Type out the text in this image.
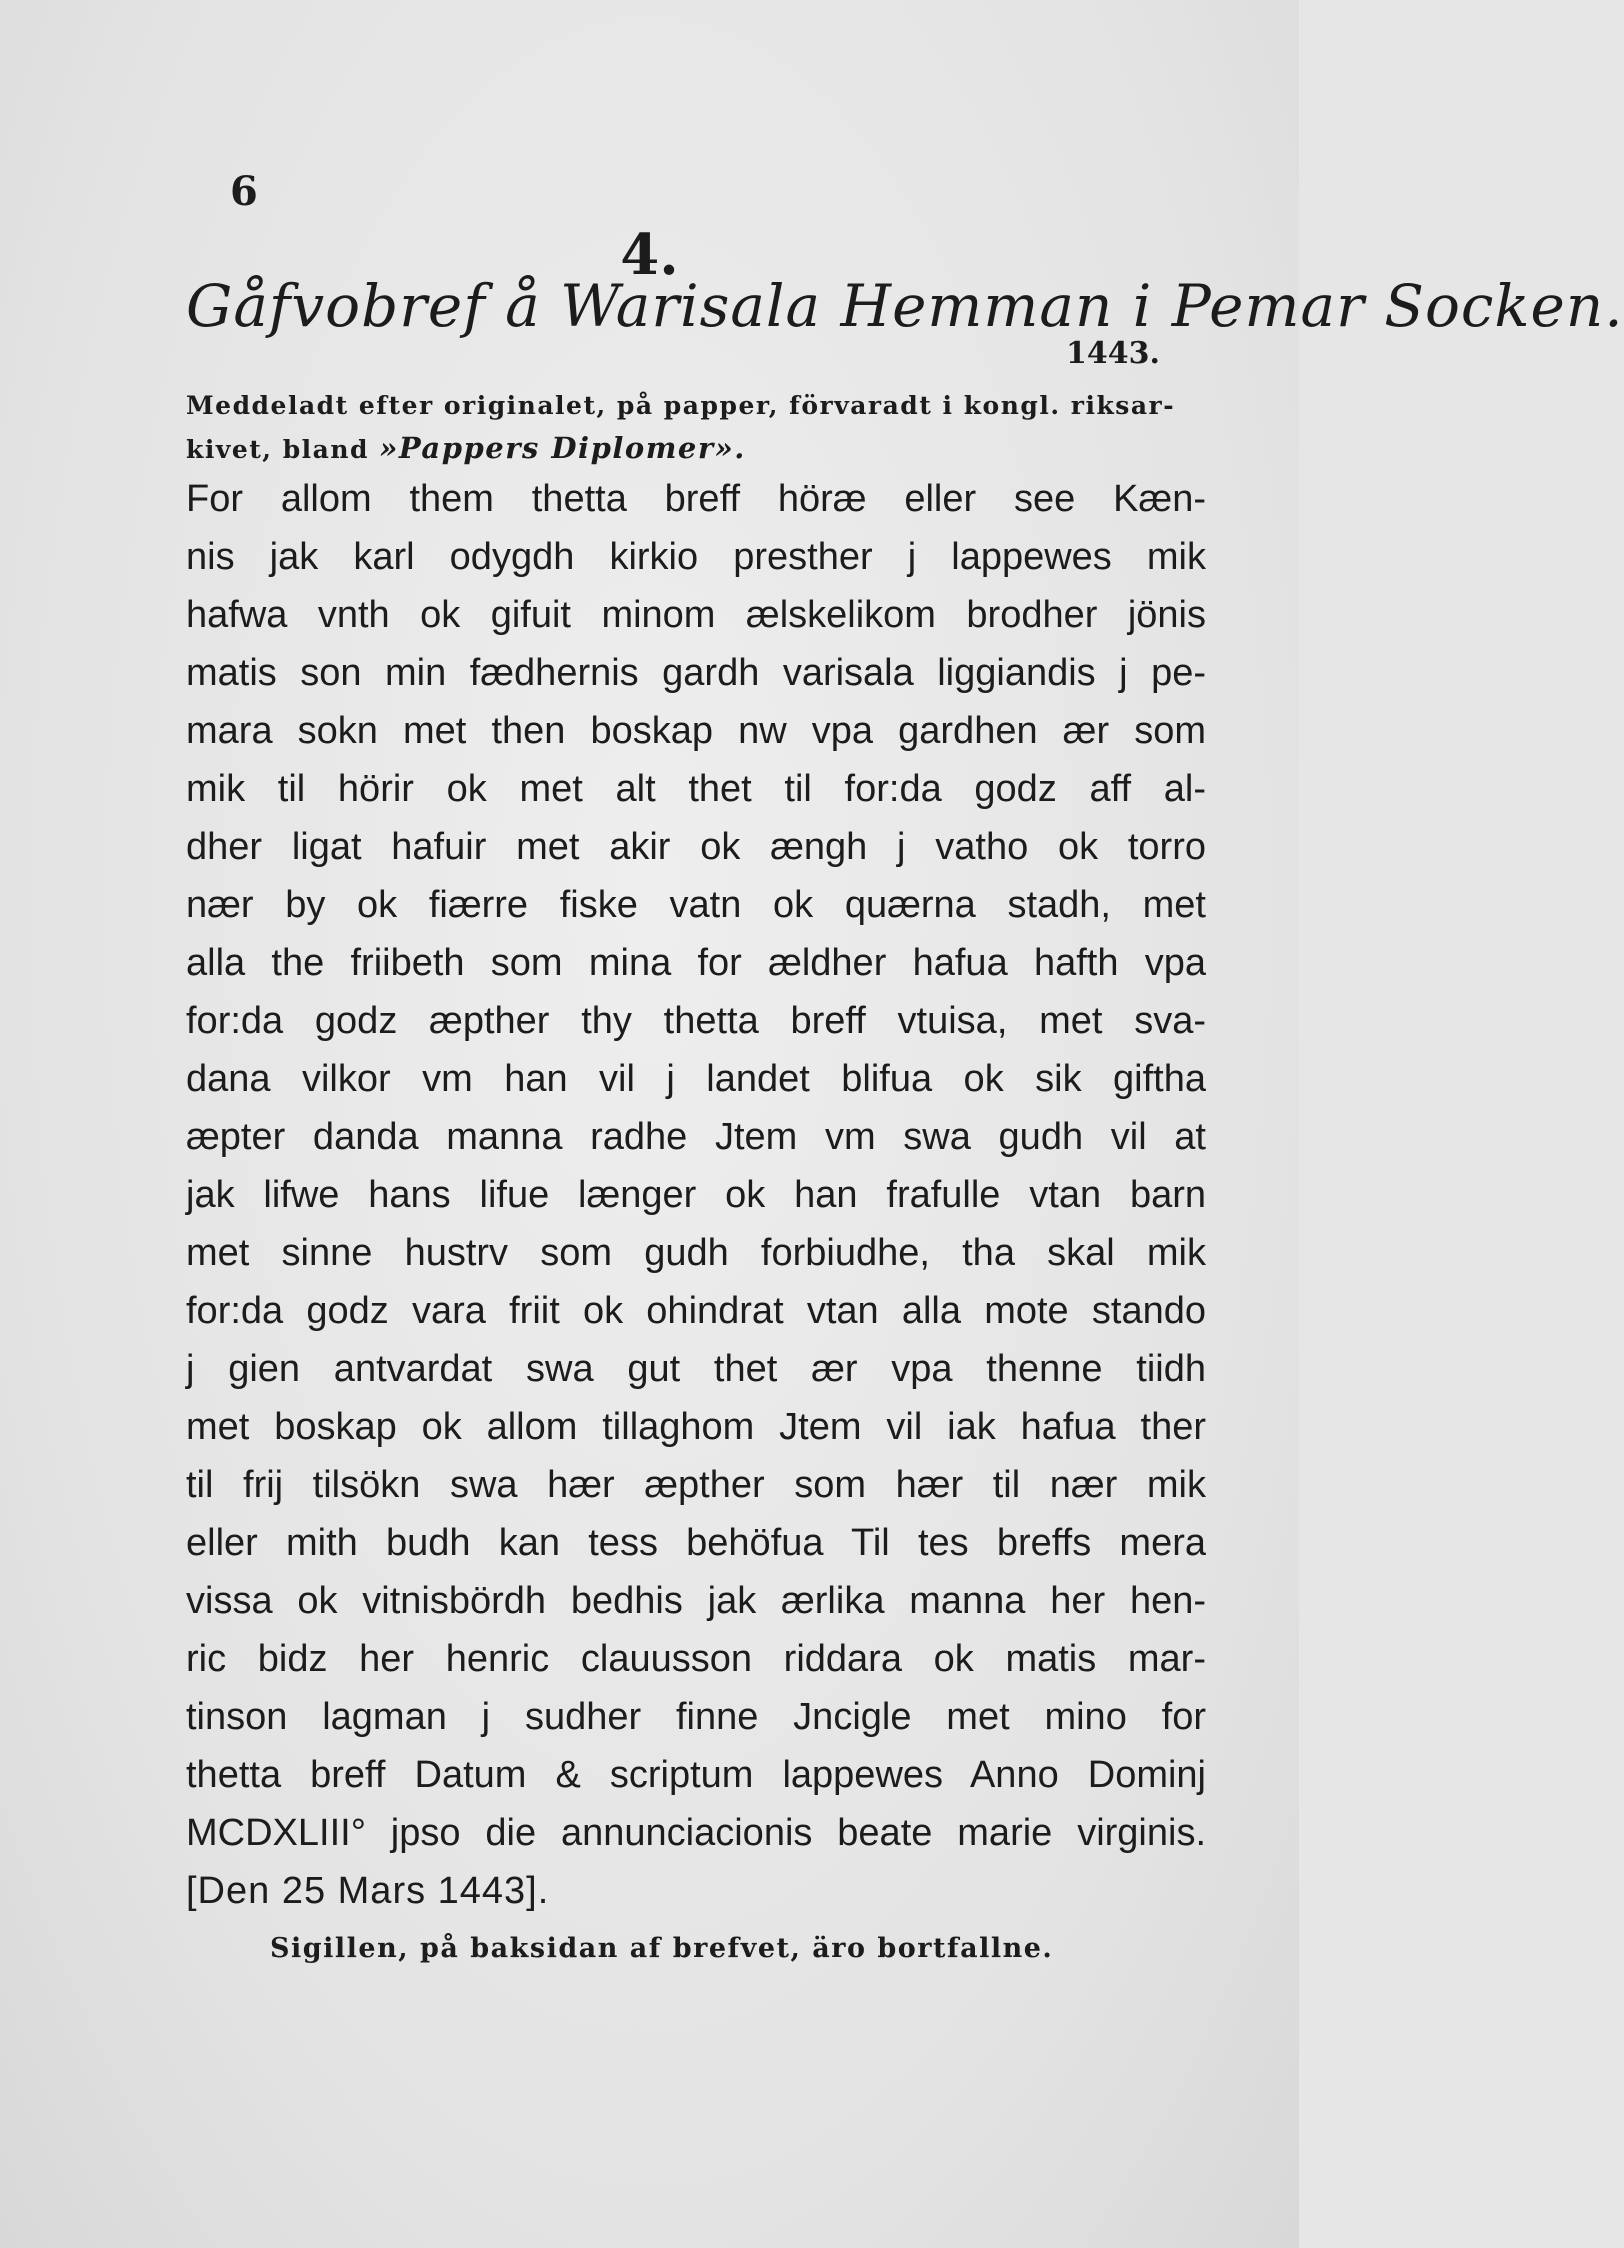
6
4.
Gåfvobref å Warisala Hemman i Pemar Socken.
1443.
Meddeladt efter originalet, på papper, förvaradt i kongl. riksar-
kivet, bland »Pappers Diplomer».
For allom them thetta breff höræ eller see Kæn-
nis jak karl odygdh kirkio presther j lappewes mik
hafwa vnth ok gifuit minom ælskelikom brodher jönis
matis son min fædhernis gardh varisala liggiandis j pe-
mara sokn met then boskap nw vpa gardhen ær som
mik til hörir ok met alt thet til for:da godz aff al-
dher ligat hafuir met akir ok ængh j vatho ok torro
nær by ok fiærre fiske vatn ok quærna stadh, met
alla the friibeth som mina for ældher hafua hafth vpa
for:da godz æpther thy thetta breff vtuisa, met sva-
dana vilkor vm han vil j landet blifua ok sik giftha
æpter danda manna radhe Jtem vm swa gudh vil at
jak lifwe hans lifue længer ok han frafulle vtan barn
met sinne hustrv som gudh forbiudhe, tha skal mik
for:da godz vara friit ok ohindrat vtan alla mote stando
j gien antvardat swa gut thet ær vpa thenne tiidh
met boskap ok allom tillaghom Jtem vil iak hafua ther
til frij tilsökn swa hær æpther som hær til nær mik
eller mith budh kan tess behöfua Til tes breffs mera
vissa ok vitnisbördh bedhis jak ærlika manna her hen-
ric bidz her henric clauusson riddara ok matis mar-
tinson lagman j sudher finne Jncigle met mino for
thetta breff Datum & scriptum lappewes Anno Dominj
MCDXLIII° jpso die annunciacionis beate marie virginis.
[Den 25 Mars 1443].
Sigillen, på baksidan af brefvet, äro bortfallne.
